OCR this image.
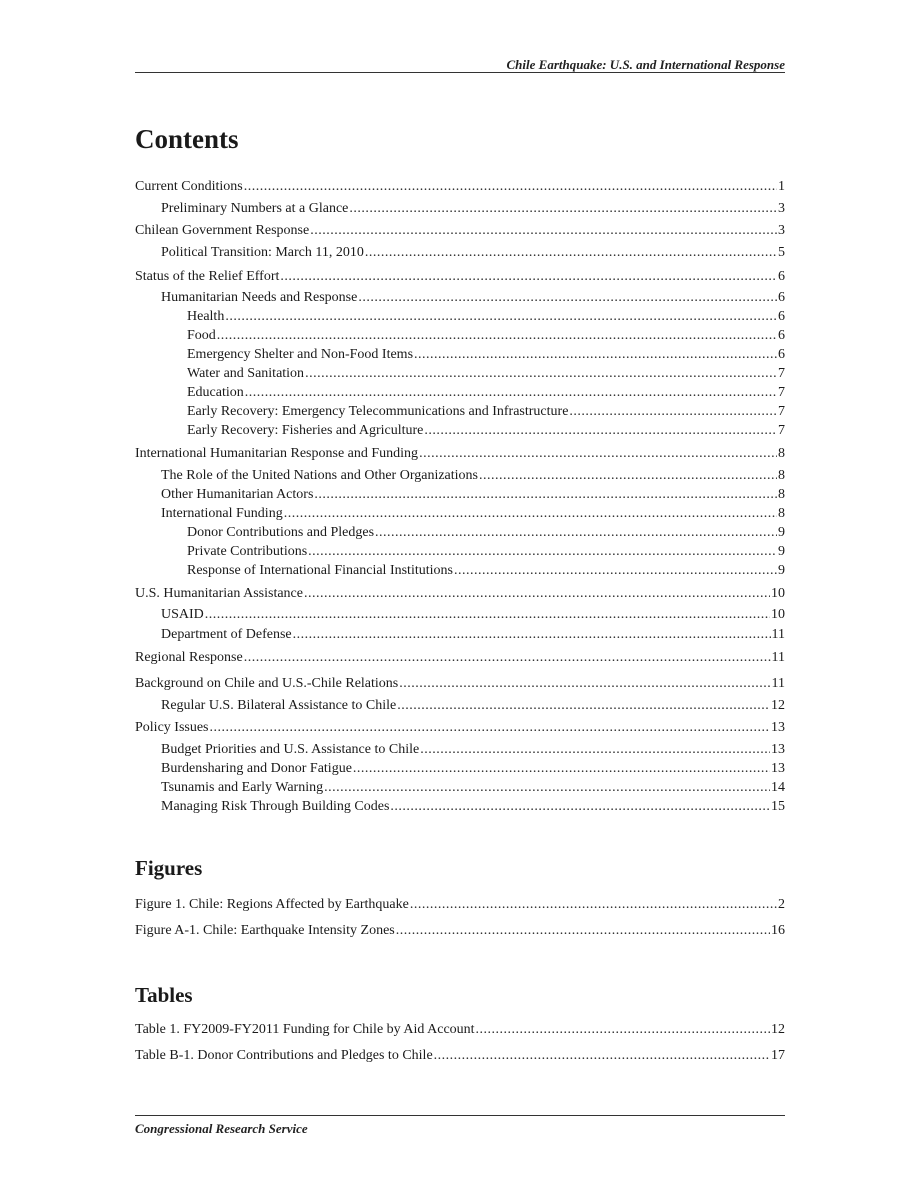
Chile Earthquake: U.S. and International Response
Contents
Current Conditions .....	1
Preliminary Numbers at a Glance .....	3
Chilean Government Response .....	3
Political Transition: March 11, 2010 .....	5
Status of the Relief Effort .....	6
Humanitarian Needs and Response .....	6
Health .....	6
Food .....	6
Emergency Shelter and Non-Food Items .....	6
Water and Sanitation .....	7
Education .....	7
Early Recovery: Emergency Telecommunications and Infrastructure .....	7
Early Recovery: Fisheries and Agriculture .....	7
International Humanitarian Response and Funding .....	8
The Role of the United Nations and Other Organizations .....	8
Other Humanitarian Actors .....	8
International Funding .....	8
Donor Contributions and Pledges .....	9
Private Contributions .....	9
Response of International Financial Institutions .....	9
U.S. Humanitarian Assistance .....	10
USAID .....	10
Department of Defense .....	11
Regional Response .....	11
Background on Chile and U.S.-Chile Relations .....	11
Regular U.S. Bilateral Assistance to Chile .....	12
Policy Issues .....	13
Budget Priorities and U.S. Assistance to Chile .....	13
Burdensharing and Donor Fatigue .....	13
Tsunamis and Early Warning .....	14
Managing Risk Through Building Codes .....	15
Figures
Figure 1. Chile: Regions Affected by Earthquake .....	2
Figure A-1. Chile: Earthquake Intensity Zones .....	16
Tables
Table 1. FY2009-FY2011 Funding for Chile by Aid Account .....	12
Table B-1. Donor Contributions and Pledges to Chile .....	17
Congressional Research Service
